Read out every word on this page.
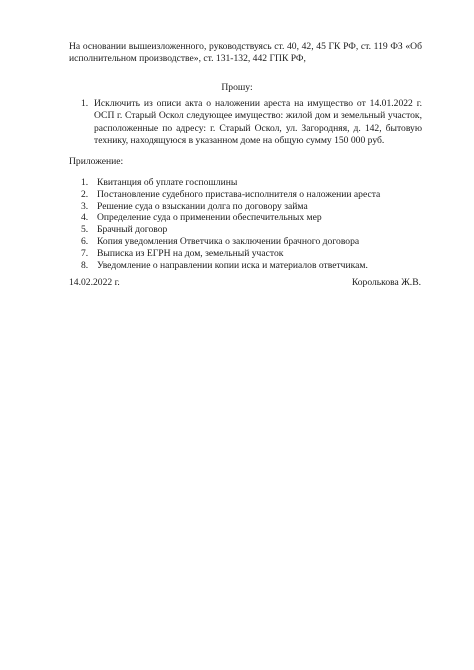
На основании вышеизложенного, руководствуясь ст. 40, 42, 45 ГК РФ, ст. 119 ФЗ «Об исполнительном производстве», ст. 131-132, 442 ГПК РФ,

Прошу:
1. Исключить из описи акта о наложении ареста на имущество от 14.01.2022 г. ОСП г. Старый Оскол следующее имущество: жилой дом и земельный участок, расположенные по адресу: г. Старый Оскол, ул. Загородняя, д. 142, бытовую технику, находящуюся в указанном доме на общую сумму 150 000 руб.
Приложение:
1. Квитанция об уплате госпошлины
2. Постановление судебного пристава-исполнителя о наложении ареста
3. Решение суда о взыскании долга по договору займа
4. Определение суда о применении обеспечительных мер
5. Брачный договор
6. Копия уведомления Ответчика о заключении брачного договора
7. Выписка из ЕГРН на дом, земельный участок
8. Уведомление о направлении копии иска и материалов ответчикам.
14.02.2022 г.	Королькова Ж.В.
